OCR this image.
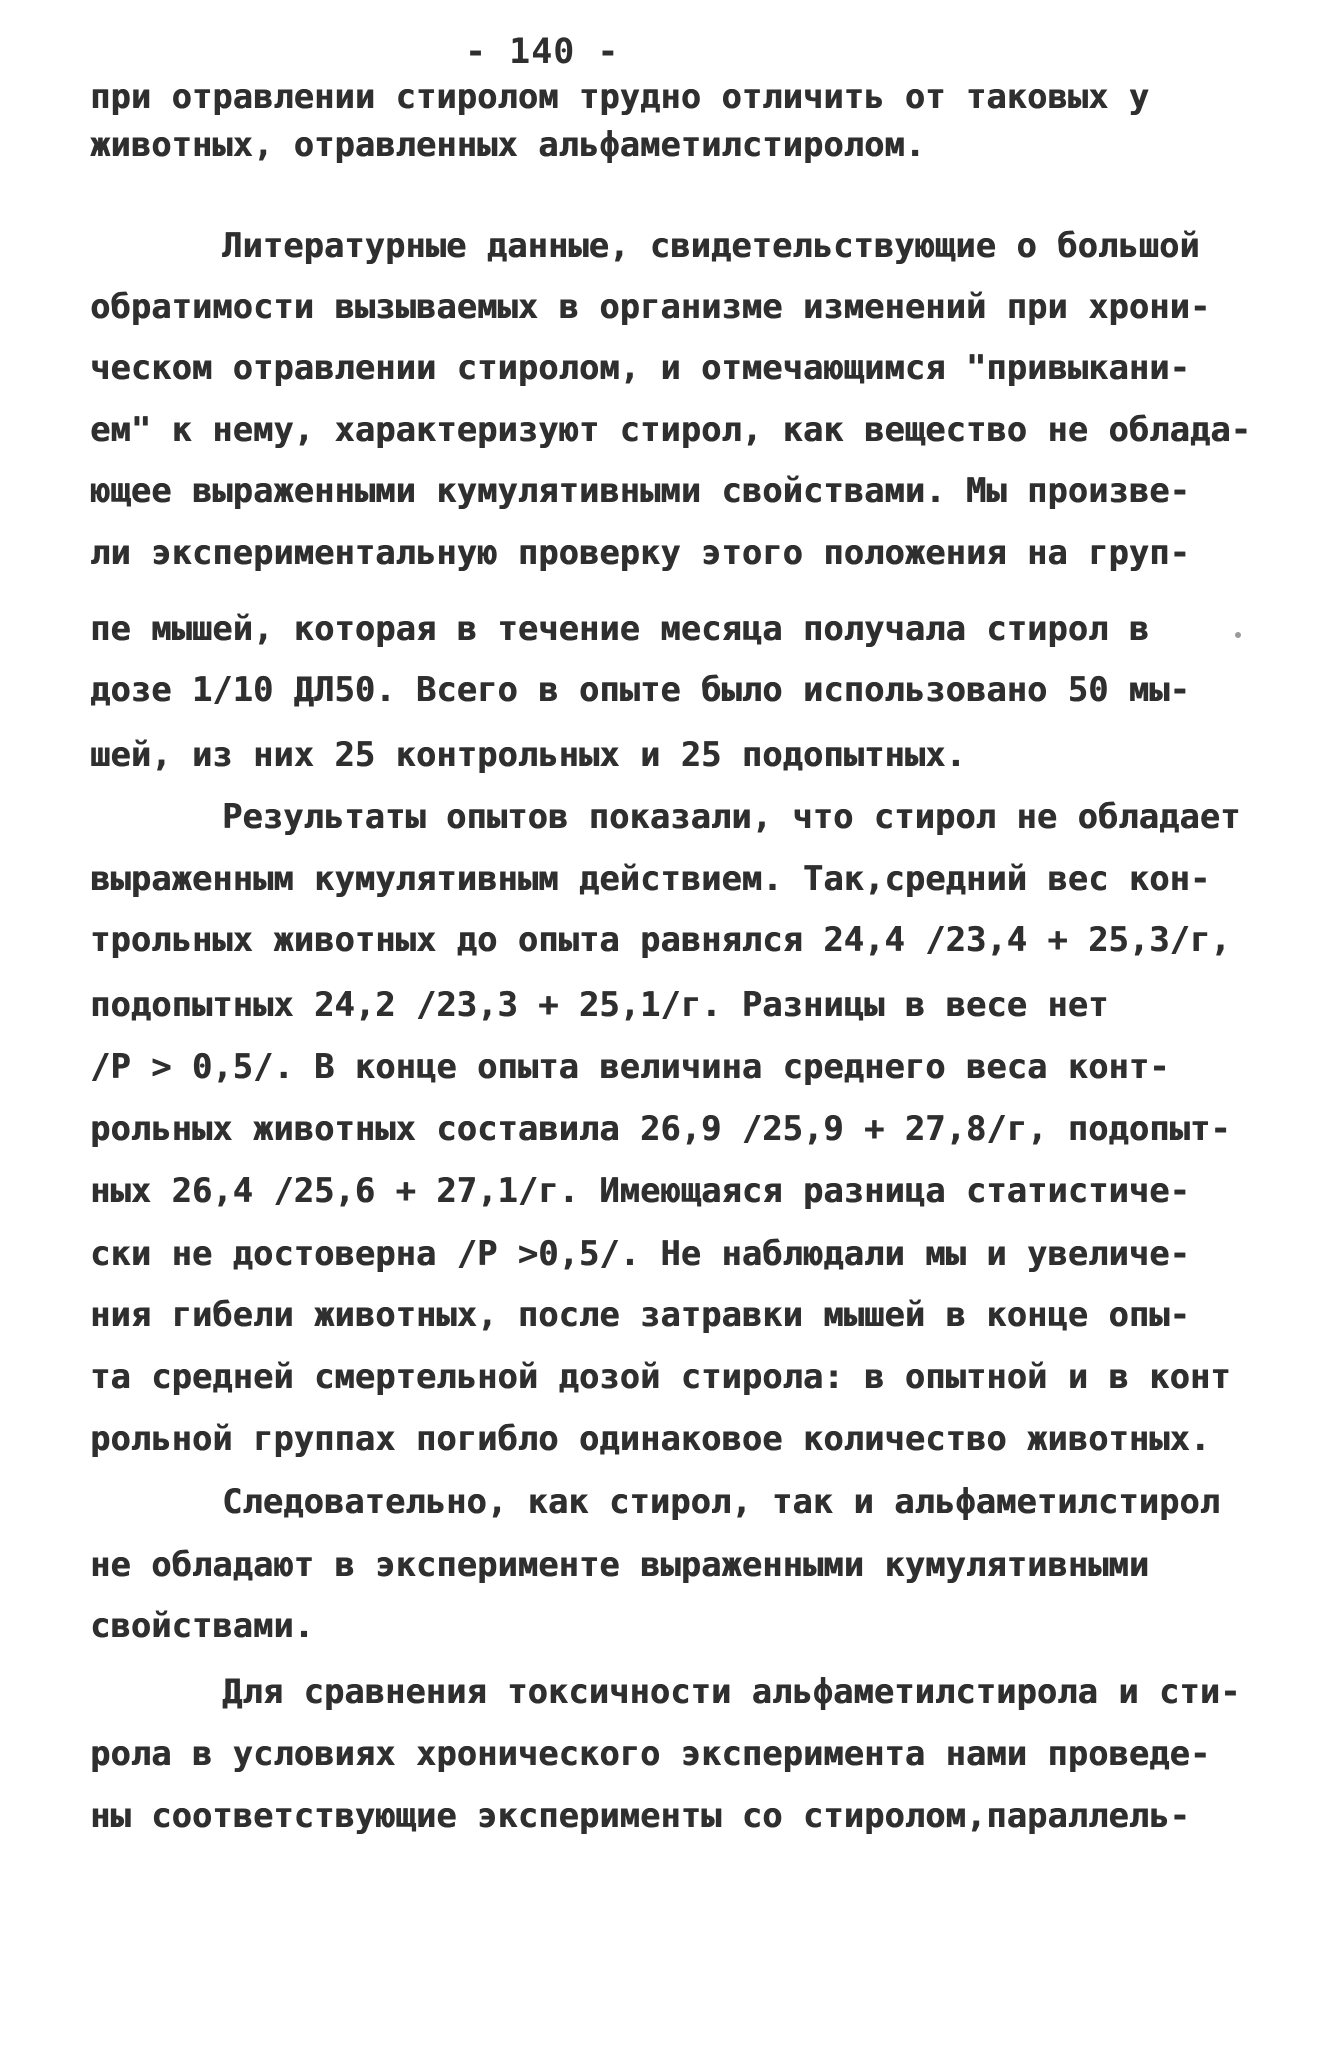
- 140 -
при отравлении стиролом трудно отличить от таковых у
животных, отравленных альфаметилстиролом.
Литературные данные, свидетельствующие о большой
обратимости вызываемых в организме изменений при хрони-
ческом отравлении стиролом, и отмечающимся "привыкани-
ем" к нему, характеризуют стирол, как вещество не облада-
ющее выраженными кумулятивными свойствами. Мы произве-
ли экспериментальную проверку этого положения на груп-
пе мышей, которая в течение месяца получала стирол в
дозе 1/10 ДЛ50. Всего в опыте было использовано 50 мы-
шей, из них 25 контрольных и 25 подопытных.
Результаты опытов показали, что стирол не обладает
выраженным кумулятивным действием. Так,средний вес кон-
трольных животных до опыта равнялся 24,4 /23,4 + 25,3/г,
подопытных 24,2 /23,3 + 25,1/г. Разницы в весе нет
/Р > 0,5/. В конце опыта величина среднего веса конт-
рольных животных составила 26,9 /25,9 + 27,8/г, подопыт-
ных 26,4 /25,6 + 27,1/г. Имеющаяся разница статистиче-
ски не достоверна /Р >0,5/. Не наблюдали мы и увеличе-
ния гибели животных, после затравки мышей в конце опы-
та средней смертельной дозой стирола: в опытной и в конт
рольной группах погибло одинаковое количество животных.
Следовательно, как стирол, так и альфаметилстирол
не обладают в эксперименте выраженными кумулятивными
свойствами.
Для сравнения токсичности альфаметилстирола и сти-
рола в условиях хронического эксперимента нами проведе-
ны соответствующие эксперименты со стиролом,параллель-
